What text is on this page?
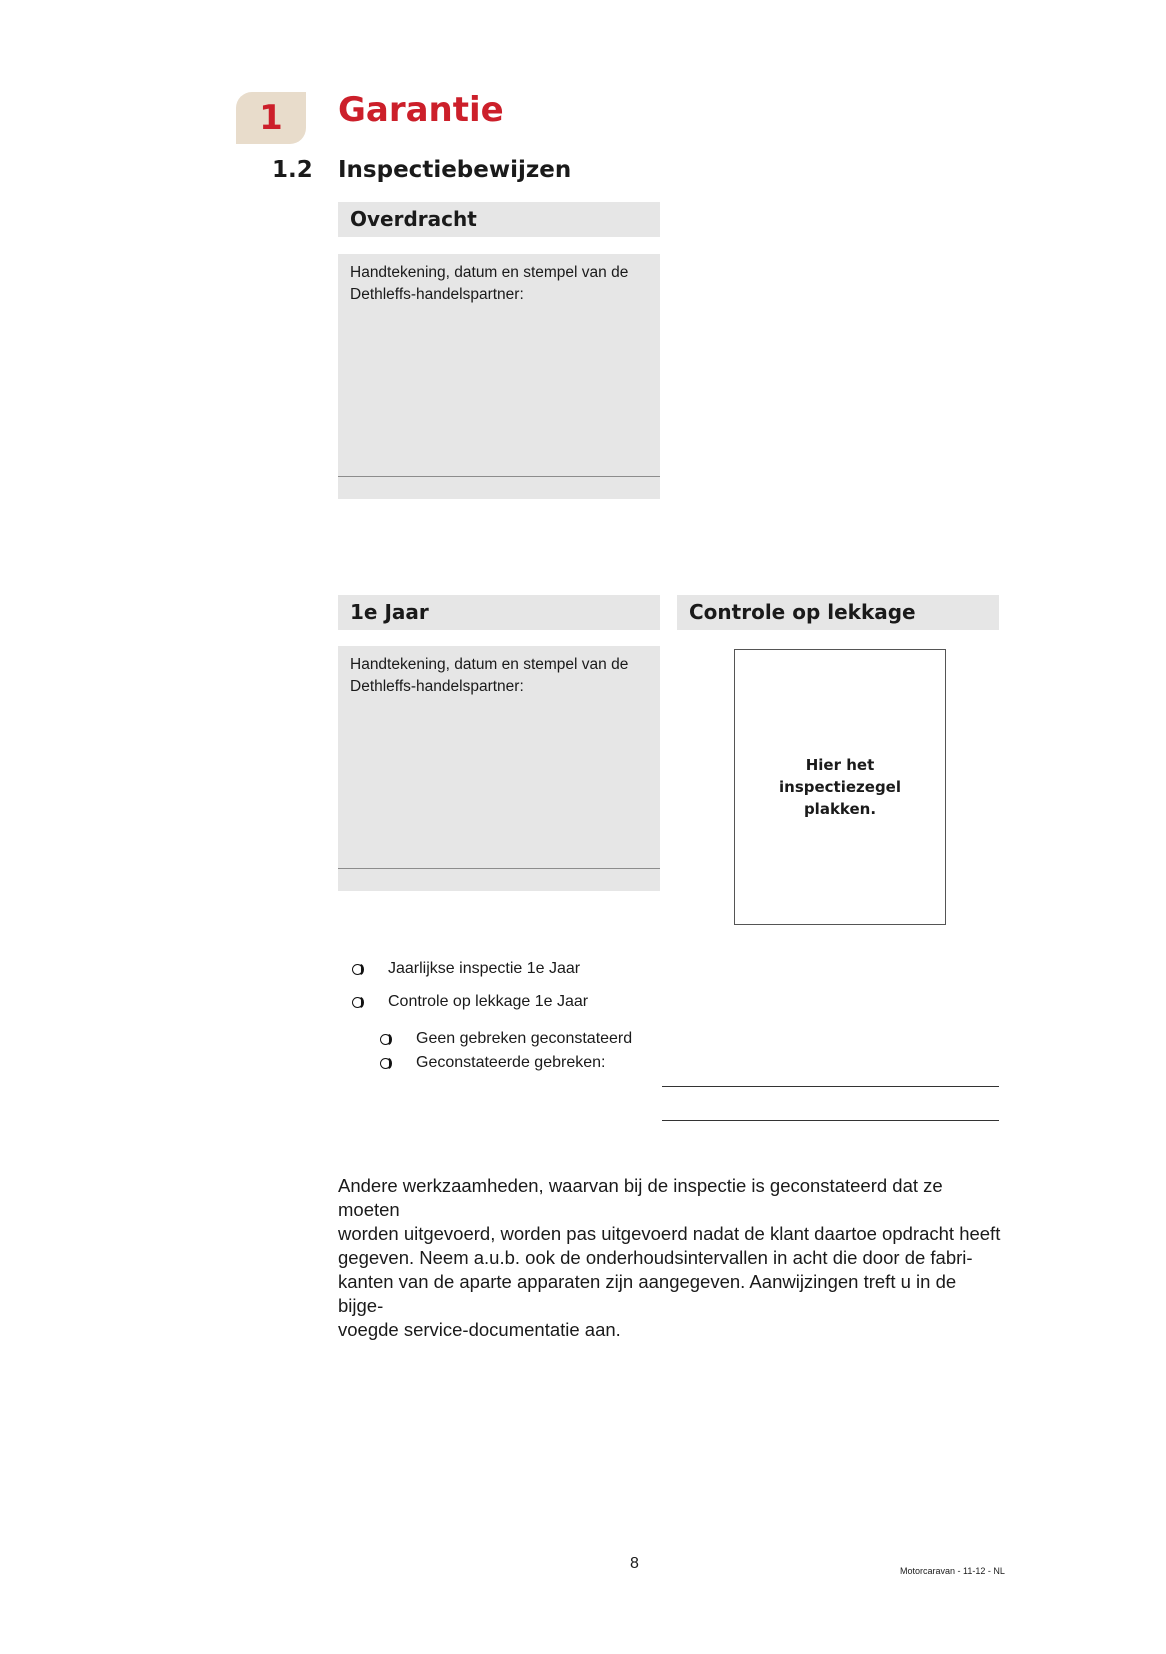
1 Garantie
1.2 Inspectiebewijzen
Overdracht
Handtekening, datum en stempel van de
Dethleffs-handelspartner:
1e Jaar
Handtekening, datum en stempel van de
Dethleffs-handelspartner:
Controle op lekkage
Hier het inspectiezegel
plakken.
Jaarlijkse inspectie 1e Jaar
Controle op lekkage 1e Jaar
Geen gebreken geconstateerd
Geconstateerde gebreken:
Andere werkzaamheden, waarvan bij de inspectie is geconstateerd dat ze moeten
worden uitgevoerd, worden pas uitgevoerd nadat de klant daartoe opdracht heeft
gegeven. Neem a.u.b. ook de onderhoudsintervallen in acht die door de fabri-
kanten van de aparte apparaten zijn aangegeven. Aanwijzingen treft u in de bijge-
voegde service-documentatie aan.
8	Motorcaravan - 11-12 - NL
